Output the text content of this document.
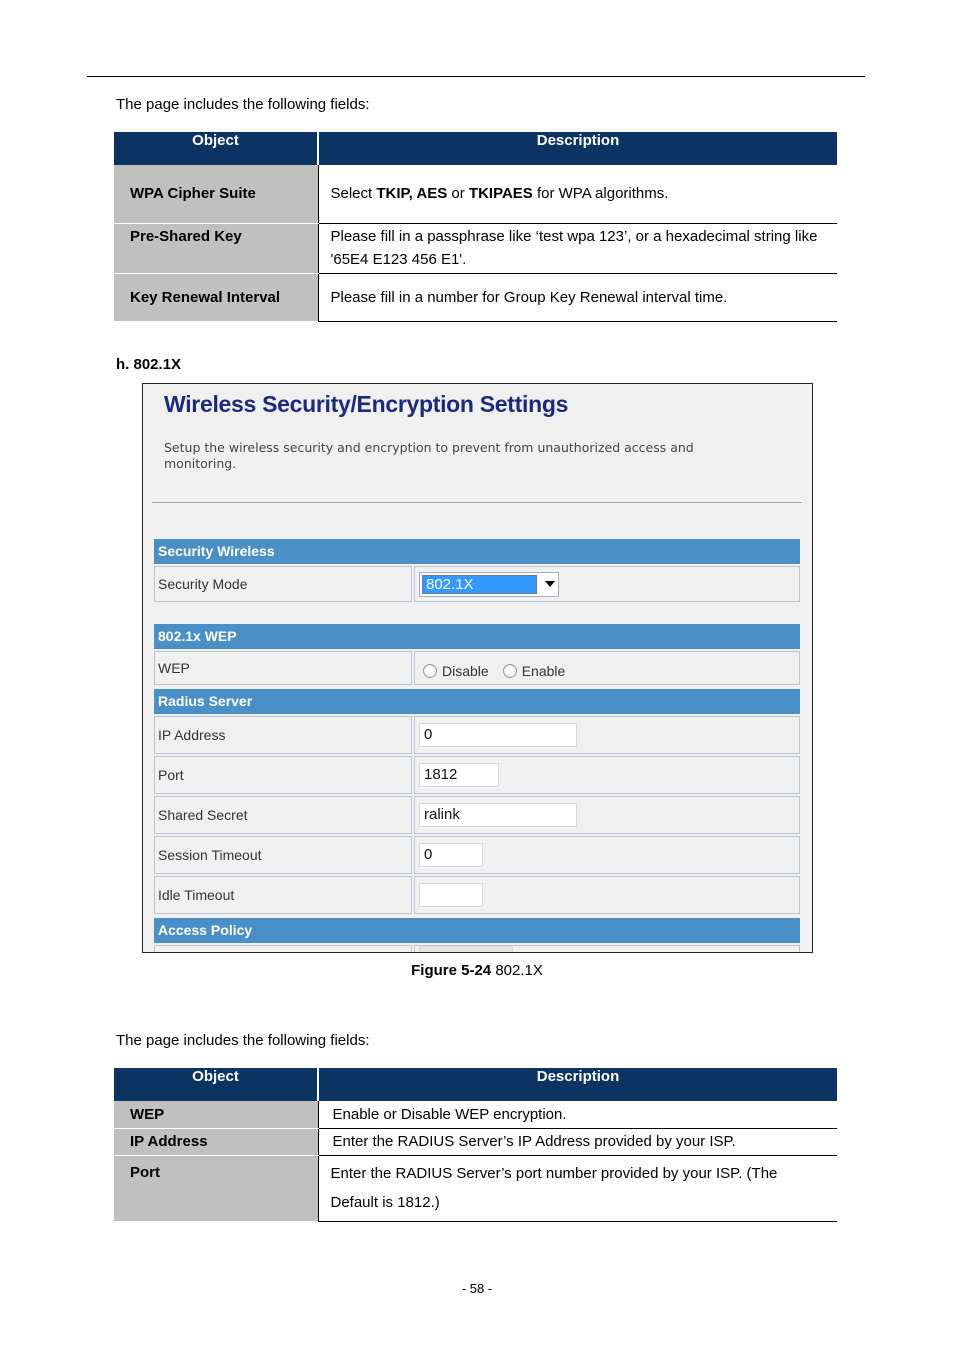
The page includes the following fields:
Object	Description
WPA Cipher Suite	Select TKIP, AES or TKIPAES for WPA algorithms.
Pre-Shared Key	Please fill in a passphrase like ‘test wpa 123’, or a hexadecimal string like '65E4 E123 456 E1'.
Key Renewal Interval	Please fill in a number for Group Key Renewal interval time.
h. 802.1X
Wireless Security/Encryption Settings
Setup the wireless security and encryption to prevent from unauthorized access and monitoring.
Security Wireless
Security Mode	802.1X
802.1x WEP
WEP	Disable Enable
Radius Server
IP Address	0
Port	1812
Shared Secret	ralink
Session Timeout	0
Idle Timeout
Access Policy
Figure 5-24 802.1X
The page includes the following fields:
Object	Description
WEP	Enable or Disable WEP encryption.
IP Address	Enter the RADIUS Server’s IP Address provided by your ISP.
Port	Enter the RADIUS Server’s port number provided by your ISP. (The Default is 1812.)
- 58 -
